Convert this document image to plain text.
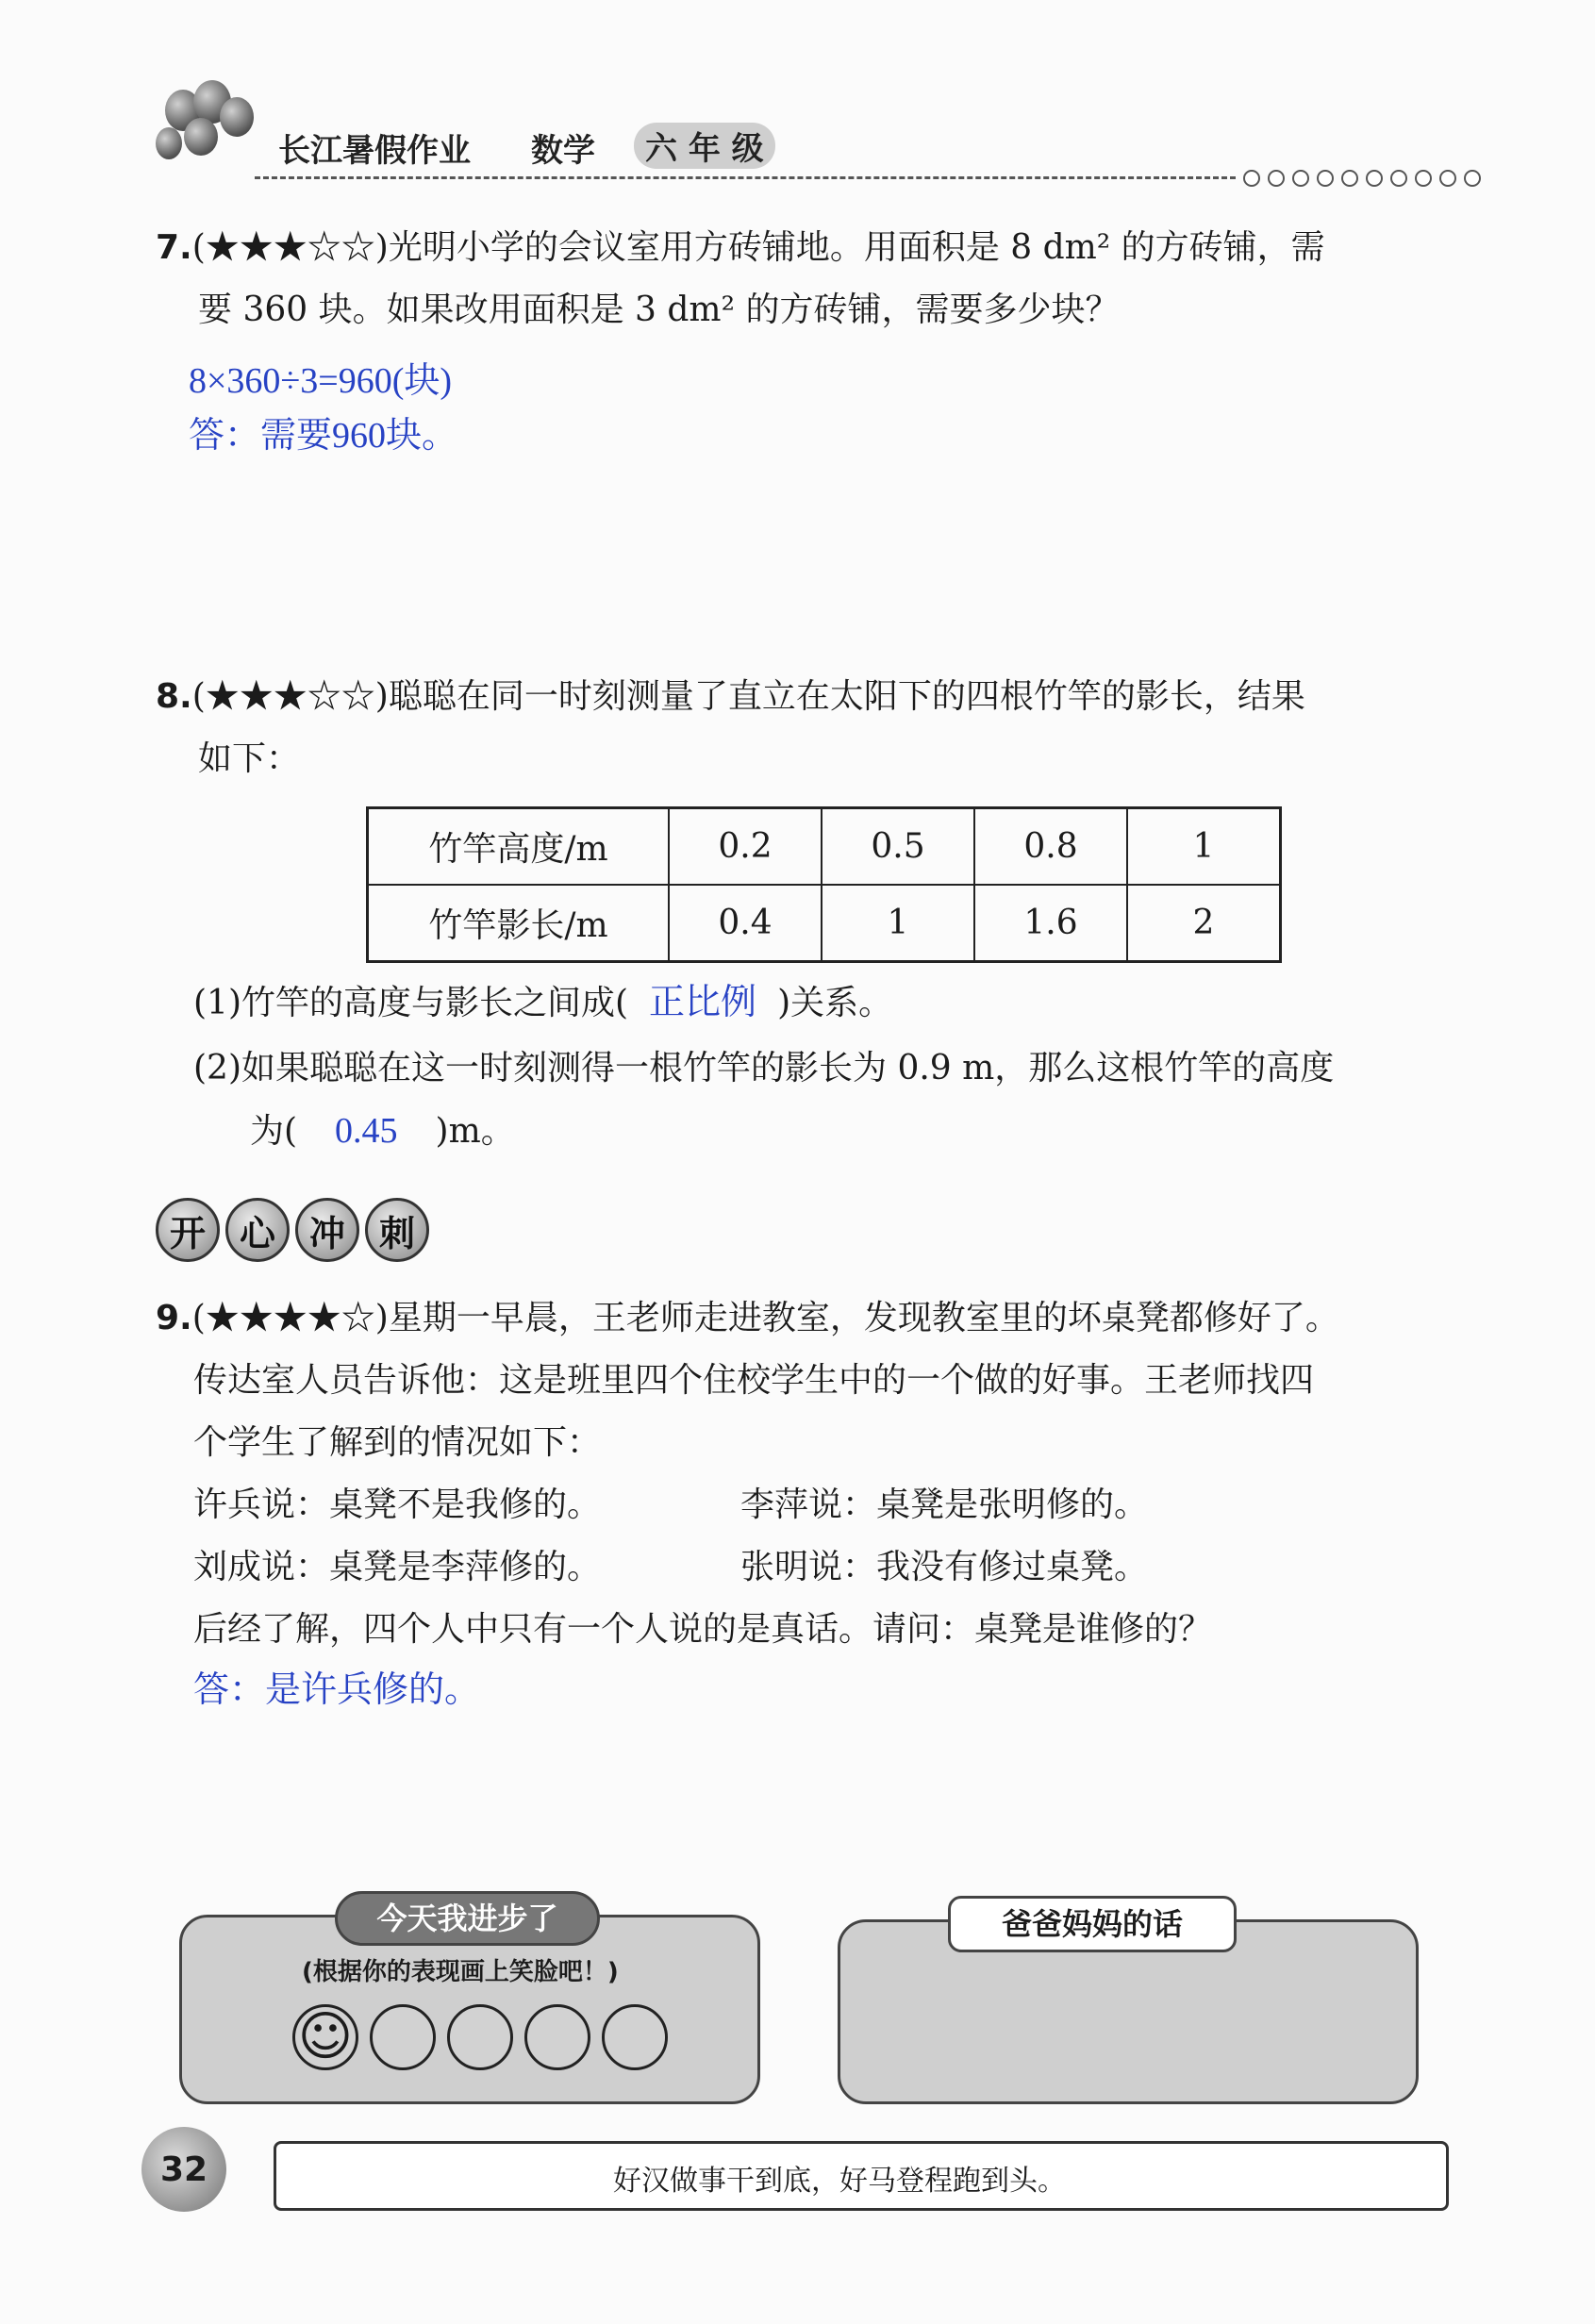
长江暑假作业 数学	六 年 级
7.(★★★☆☆)光明小学的会议室用方砖铺地。用面积是 8 dm² 的方砖铺，需
要 360 块。如果改用面积是 3 dm² 的方砖铺，需要多少块？
8×360÷3=960(块)
答：需要960块。
8.(★★★☆☆)聪聪在同一时刻测量了直立在太阳下的四根竹竿的影长，结果
如下：
竹竿高度/m	0.2	0.5	0.8	1
竹竿影长/m	0.4	1	1.6	2
(1)竹竿的高度与影长之间成( 正比例 )关系。
(2)如果聪聪在这一时刻测得一根竹竿的影长为 0.9 m，那么这根竹竿的高度
为( 0.45 )m。
开 心 冲 刺
9.(★★★★☆)星期一早晨，王老师走进教室，发现教室里的坏桌凳都修好了。
传达室人员告诉他：这是班里四个住校学生中的一个做的好事。王老师找四
个学生了解到的情况如下：
许兵说：桌凳不是我修的。	李萍说：桌凳是张明修的。
刘成说：桌凳是李萍修的。	张明说：我没有修过桌凳。
后经了解，四个人中只有一个人说的是真话。请问：桌凳是谁修的？
答：是许兵修的。
今天我进步了
(根据你的表现画上笑脸吧！)
☺
爸爸妈妈的话
32	好汉做事干到底，好马登程跑到头。
